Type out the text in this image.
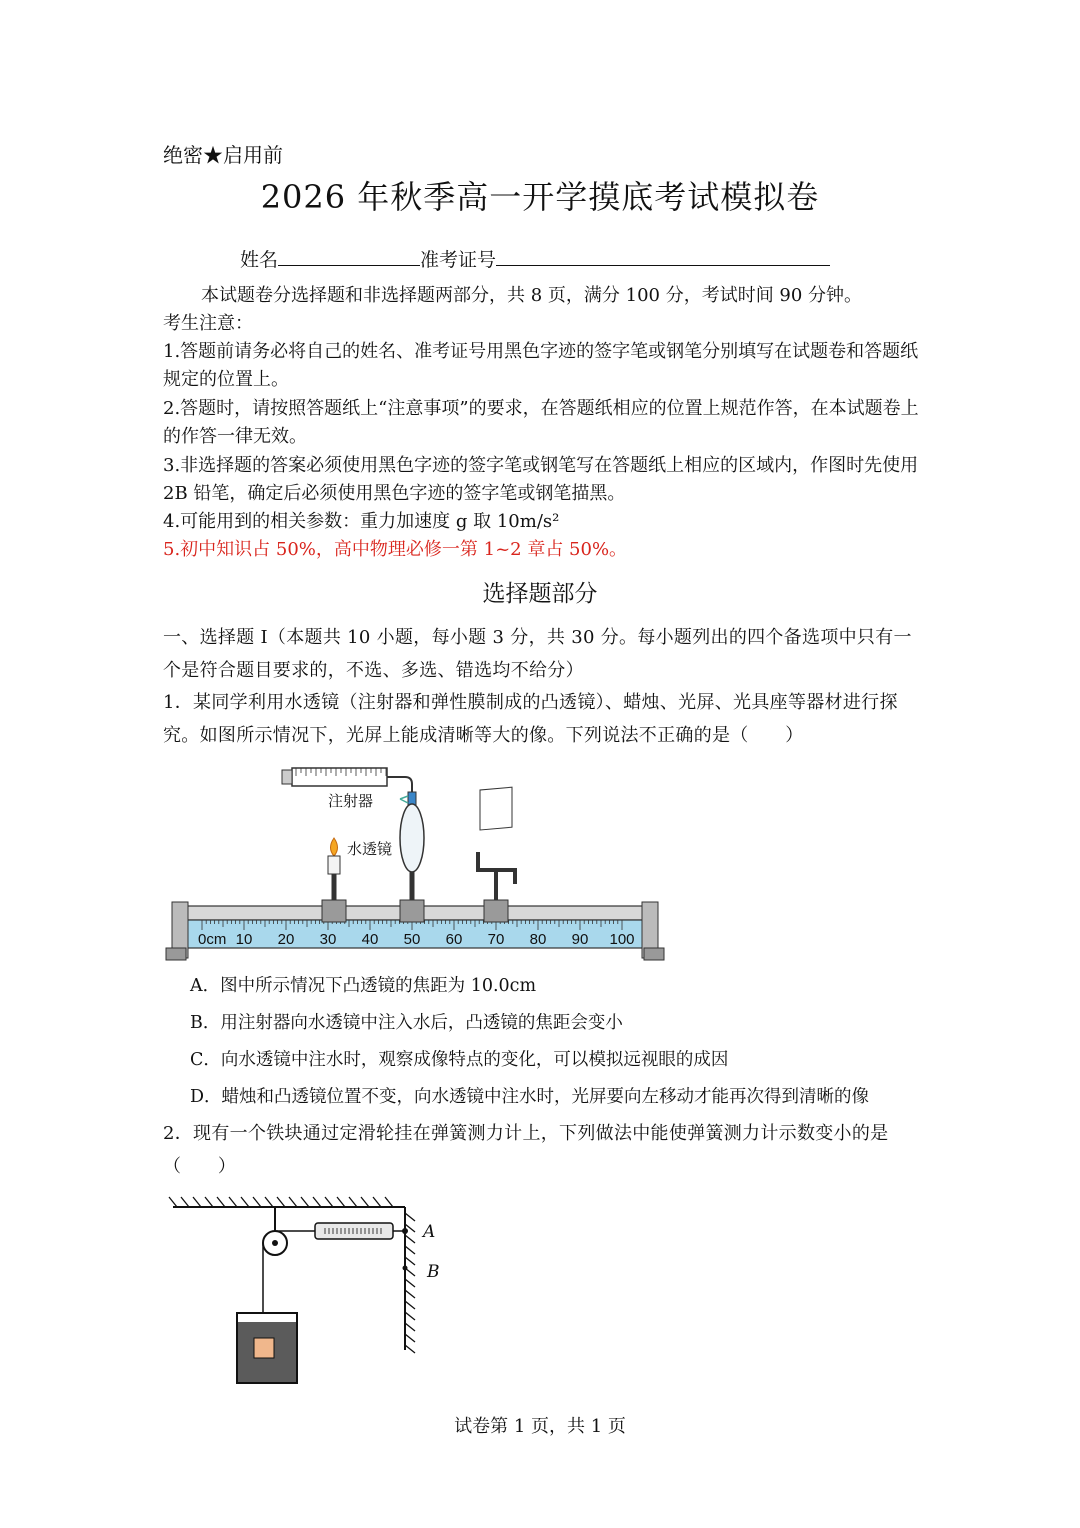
绝密★启用前
2026 年秋季高一开学摸底考试模拟卷
姓名	准考证号
本试题卷分选择题和非选择题两部分，共 8 页，满分 100 分，考试时间 90 分钟。
考生注意：
1.答题前请务必将自己的姓名、准考证号用黑色字迹的签字笔或钢笔分别填写在试题卷和答题纸规定的位置上。
2.答题时，请按照答题纸上“注意事项”的要求，在答题纸相应的位置上规范作答，在本试题卷上的作答一律无效。
3.非选择题的答案必须使用黑色字迹的签字笔或钢笔写在答题纸上相应的区域内，作图时先使用 2B 铅笔，确定后必须使用黑色字迹的签字笔或钢笔描黑。
4.可能用到的相关参数：重力加速度 g 取 10m/s²
5.初中知识占 50%，高中物理必修一第 1~2 章占 50%。
选择题部分
一、选择题 I（本题共 10 小题，每小题 3 分，共 30 分。每小题列出的四个备选项中只有一个是符合题目要求的，不选、多选、错选均不给分）
1．某同学利用水透镜（注射器和弹性膜制成的凸透镜）、蜡烛、光屏、光具座等器材进行探究。如图所示情况下，光屏上能成清晰等大的像。下列说法不正确的是（　　）
注射器
水透镜
0cm 10 20 30 40 50 60 70 80 90 100
A．图中所示情况下凸透镜的焦距为 10.0cm
B．用注射器向水透镜中注入水后，凸透镜的焦距会变小
C．向水透镜中注水时，观察成像特点的变化，可以模拟远视眼的成因
D．蜡烛和凸透镜位置不变，向水透镜中注水时，光屏要向左移动才能再次得到清晰的像
2．现有一个铁块通过定滑轮挂在弹簧测力计上，下列做法中能使弹簧测力计示数变小的是（　　）
A
B
试卷第 1 页，共 1 页
